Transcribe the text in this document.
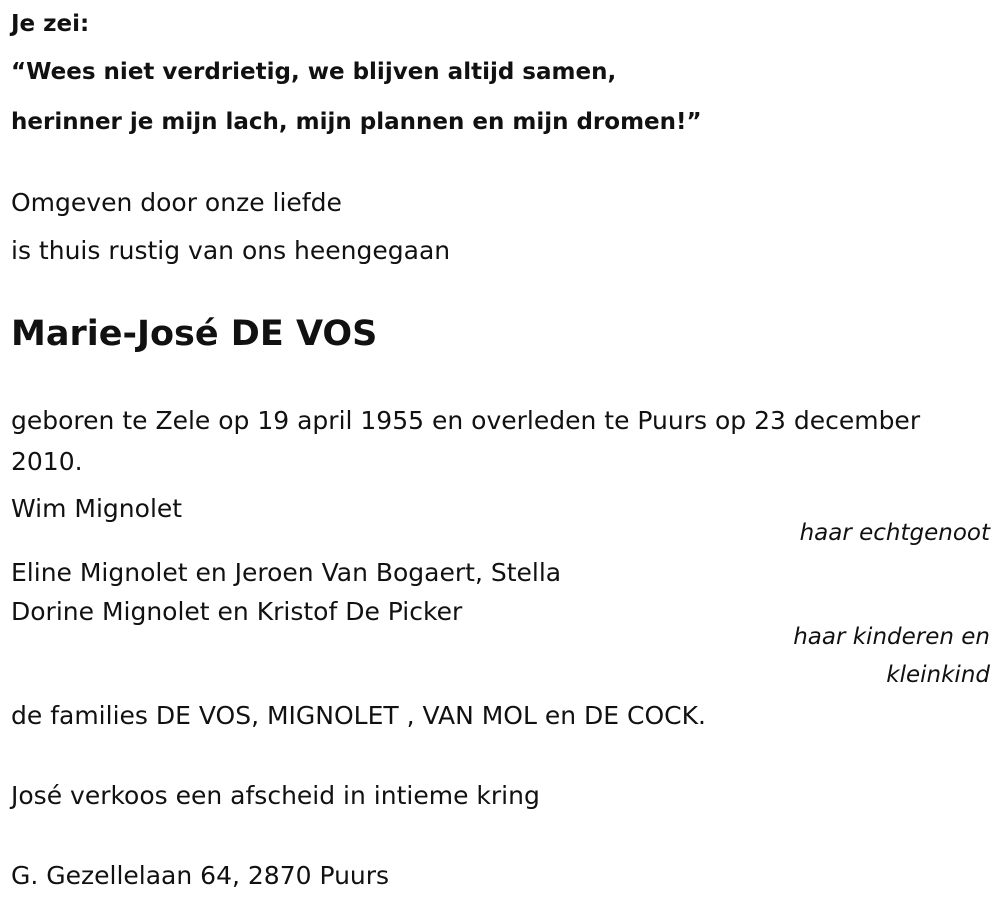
Je zei:
“Wees niet verdrietig, we blijven altijd samen,
herinner je mijn lach, mijn plannen en mijn dromen!”
Omgeven door onze liefde
is thuis rustig van ons heengegaan
Marie-José DE VOS
geboren te Zele op 19 april 1955 en overleden te Puurs op 23 december 2010.
Wim Mignolet
haar echtgenoot
Eline Mignolet en Jeroen Van Bogaert, Stella
Dorine Mignolet en Kristof De Picker
haar kinderen en
kleinkind
de families DE VOS, MIGNOLET , VAN MOL en DE COCK.
José verkoos een afscheid in intieme kring
G. Gezellelaan 64, 2870 Puurs
